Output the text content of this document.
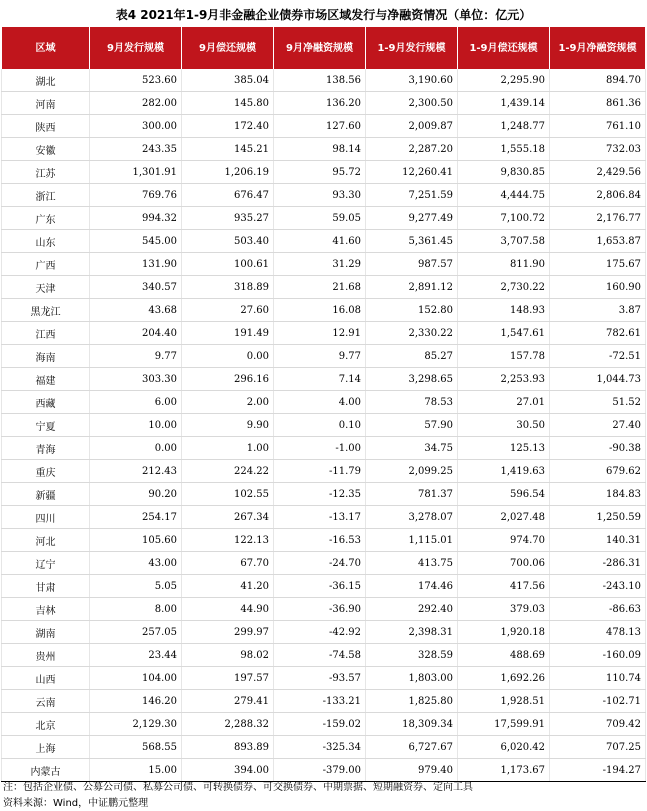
表4 2021年1-9月非金融企业债券市场区域发行与净融资情况（单位：亿元）
区域	9月发行规模	9月偿还规模	9月净融资规模	1-9月发行规模	1-9月偿还规模	1-9月净融资规模
湖北	523.60	385.04	138.56	3,190.60	2,295.90	894.70
河南	282.00	145.80	136.20	2,300.50	1,439.14	861.36
陕西	300.00	172.40	127.60	2,009.87	1,248.77	761.10
安徽	243.35	145.21	98.14	2,287.20	1,555.18	732.03
江苏	1,301.91	1,206.19	95.72	12,260.41	9,830.85	2,429.56
浙江	769.76	676.47	93.30	7,251.59	4,444.75	2,806.84
广东	994.32	935.27	59.05	9,277.49	7,100.72	2,176.77
山东	545.00	503.40	41.60	5,361.45	3,707.58	1,653.87
广西	131.90	100.61	31.29	987.57	811.90	175.67
天津	340.57	318.89	21.68	2,891.12	2,730.22	160.90
黑龙江	43.68	27.60	16.08	152.80	148.93	3.87
江西	204.40	191.49	12.91	2,330.22	1,547.61	782.61
海南	9.77	0.00	9.77	85.27	157.78	-72.51
福建	303.30	296.16	7.14	3,298.65	2,253.93	1,044.73
西藏	6.00	2.00	4.00	78.53	27.01	51.52
宁夏	10.00	9.90	0.10	57.90	30.50	27.40
青海	0.00	1.00	-1.00	34.75	125.13	-90.38
重庆	212.43	224.22	-11.79	2,099.25	1,419.63	679.62
新疆	90.20	102.55	-12.35	781.37	596.54	184.83
四川	254.17	267.34	-13.17	3,278.07	2,027.48	1,250.59
河北	105.60	122.13	-16.53	1,115.01	974.70	140.31
辽宁	43.00	67.70	-24.70	413.75	700.06	-286.31
甘肃	5.05	41.20	-36.15	174.46	417.56	-243.10
吉林	8.00	44.90	-36.90	292.40	379.03	-86.63
湖南	257.05	299.97	-42.92	2,398.31	1,920.18	478.13
贵州	23.44	98.02	-74.58	328.59	488.69	-160.09
山西	104.00	197.57	-93.57	1,803.00	1,692.26	110.74
云南	146.20	279.41	-133.21	1,825.80	1,928.51	-102.71
北京	2,129.30	2,288.32	-159.02	18,309.34	17,599.91	709.42
上海	568.55	893.89	-325.34	6,727.67	6,020.42	707.25
内蒙古	15.00	394.00	-379.00	979.40	1,173.67	-194.27
注：包括企业债、公募公司债、私募公司债、可转换债券、可交换债券、中期票据、短期融资券、定向工具
资料来源：Wind，中证鹏元整理
